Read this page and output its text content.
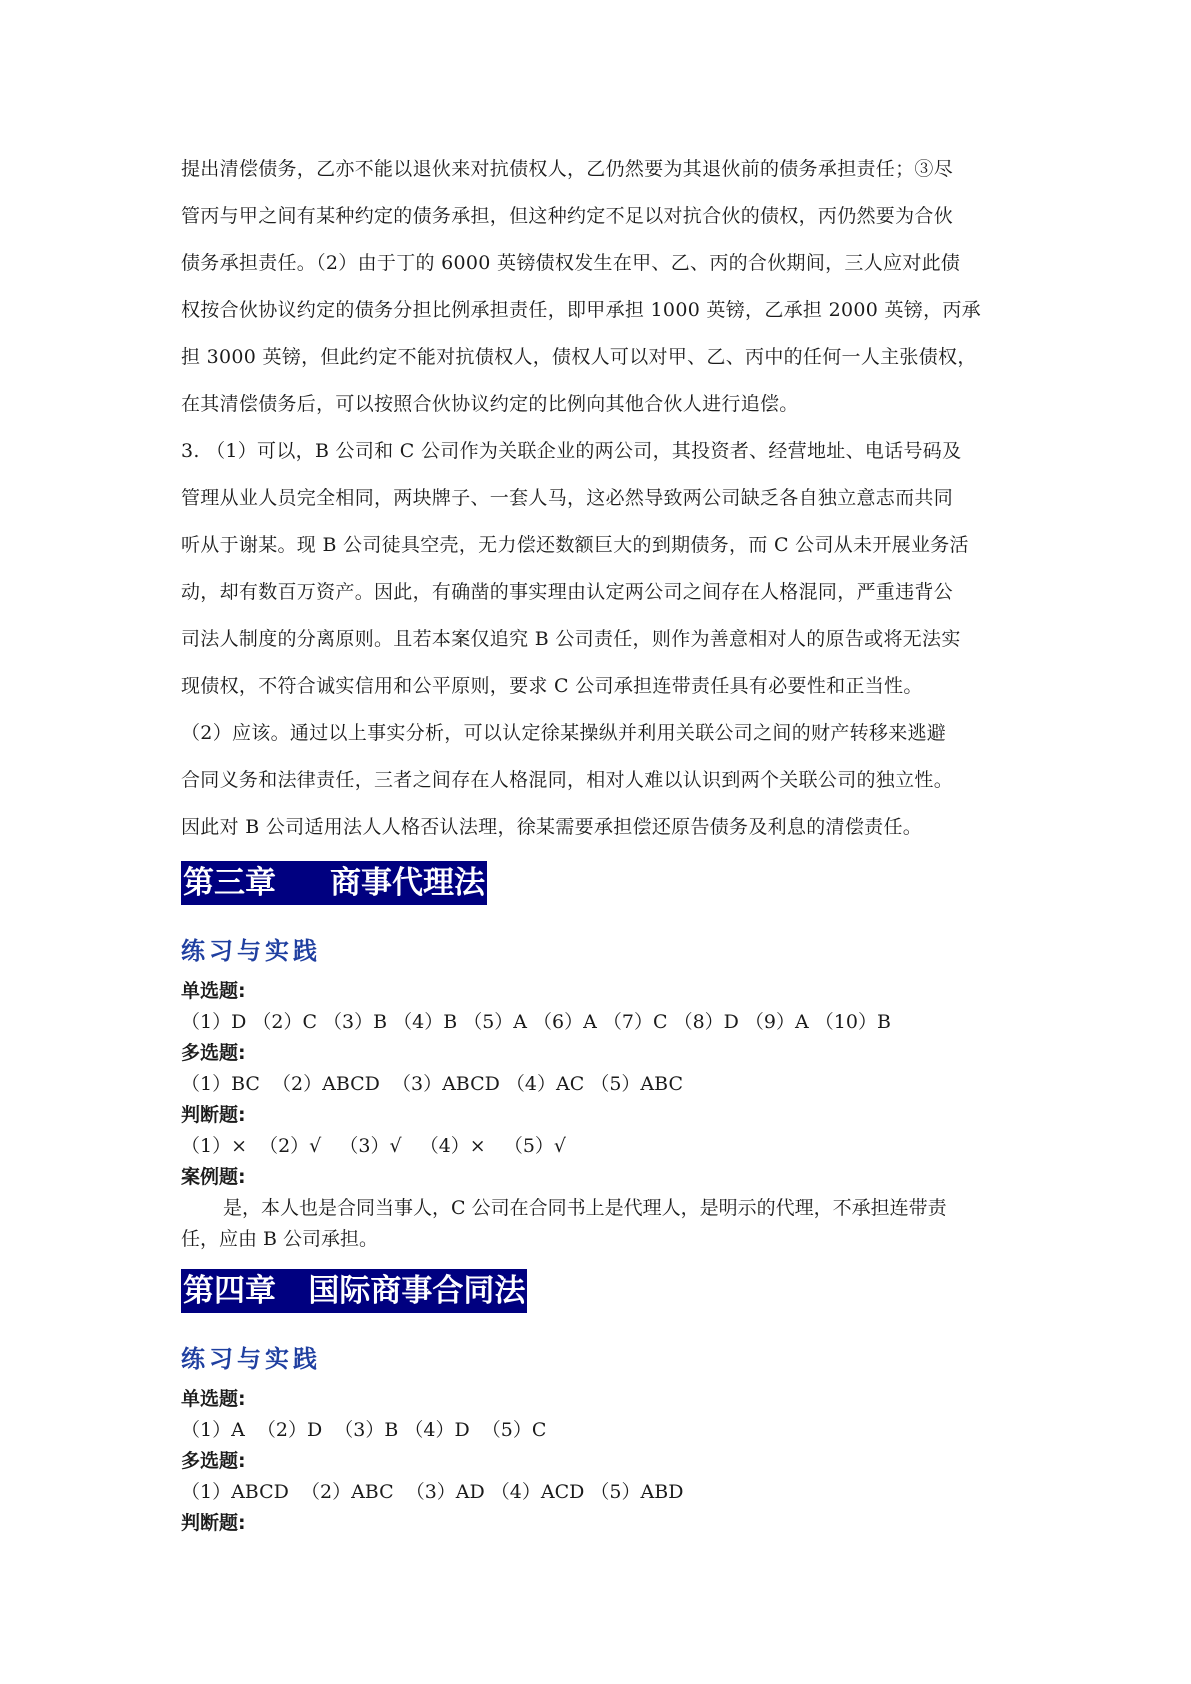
提出清偿债务，乙亦不能以退伙来对抗债权人，乙仍然要为其退伙前的债务承担责任；③尽
管丙与甲之间有某种约定的债务承担，但这种约定不足以对抗合伙的债权，丙仍然要为合伙
债务承担责任。（2）由于丁的 6000 英镑债权发生在甲、乙、丙的合伙期间，三人应对此债
权按合伙协议约定的债务分担比例承担责任，即甲承担 1000 英镑，乙承担 2000 英镑，丙承
担 3000 英镑，但此约定不能对抗债权人，债权人可以对甲、乙、丙中的任何一人主张债权，
在其清偿债务后，可以按照合伙协议约定的比例向其他合伙人进行追偿。

3. （1）可以，B 公司和 C 公司作为关联企业的两公司，其投资者、经营地址、电话号码及
管理从业人员完全相同，两块牌子、一套人马，这必然导致两公司缺乏各自独立意志而共同
听从于谢某。现 B 公司徒具空壳，无力偿还数额巨大的到期债务，而 C 公司从未开展业务活
动，却有数百万资产。因此，有确凿的事实理由认定两公司之间存在人格混同，严重违背公
司法人制度的分离原则。且若本案仅追究 B 公司责任，则作为善意相对人的原告或将无法实
现债权，不符合诚实信用和公平原则，要求 C 公司承担连带责任具有必要性和正当性。

（2）应该。通过以上事实分析，可以认定徐某操纵并利用关联公司之间的财产转移来逃避
合同义务和法律责任，三者之间存在人格混同，相对人难以认识到两个关联公司的独立性。
因此对 B 公司适用法人人格否认法理，徐某需要承担偿还原告债务及利息的清偿责任。

第三章     商事代理法

练习与实践

单选题:

（1）D （2）C （3）B （4）B （5）A （6）A （7）C （8）D （9）A （10）B

多选题:

（1）BC  （2）ABCD  （3）ABCD （4）AC （5）ABC

判断题:

（1）×  （2）√   （3）√   （4）×   （5）√

案例题:

是，本人也是合同当事人，C 公司在合同书上是代理人，是明示的代理，不承担连带责
任，应由 B 公司承担。

第四章   国际商事合同法

练习与实践

单选题:

（1）A  （2）D  （3）B （4）D  （5）C

多选题:

（1）ABCD  （2）ABC  （3）AD （4）ACD （5）ABD

判断题:
